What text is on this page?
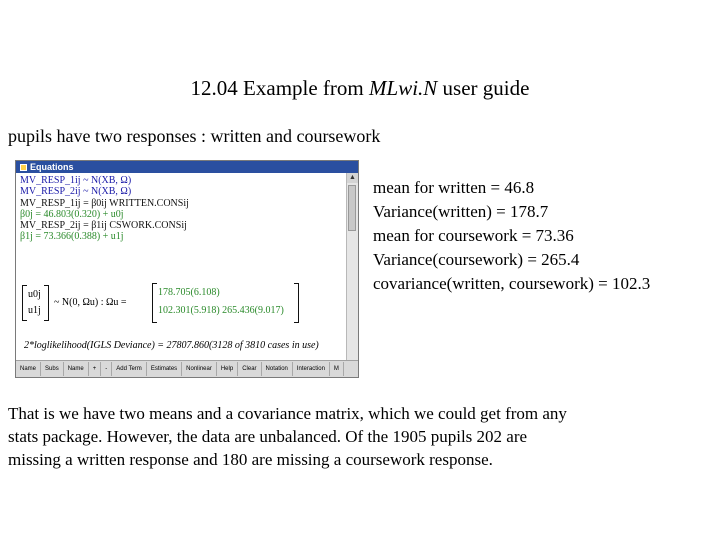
12.04 Example from MLwi.N user guide
pupils have two responses : written and coursework
Equations
▲
MV_RESP_1ij ~ N(XB, Ω)
MV_RESP_2ij ~ N(XB, Ω)
MV_RESP_1ij = β0ij WRITTEN.CONSij
β0j = 46.803(0.320) + u0j
MV_RESP_2ij = β1ij CSWORK.CONSij
β1j = 73.366(0.388) + u1j
u0j
u1j
~ N(0, Ωu) : Ωu =
178.705(6.108)
102.301(5.918) 265.436(9.017)
2*loglikelihood(IGLS Deviance) = 27807.860(3128 of 3810 cases in use)
Name	Subs	Name	+	-	Add Term	Estimates	Nonlinear	Help	Clear	Notation	Interaction	M
mean for written = 46.8
Variance(written) = 178.7
mean for coursework = 73.36
Variance(coursework) = 265.4
covariance(written, coursework) = 102.3
That is we have two means and a covariance matrix, which we could get from any stats package. However, the data are unbalanced. Of the 1905 pupils 202 are missing a written response and 180 are missing a coursework response.
